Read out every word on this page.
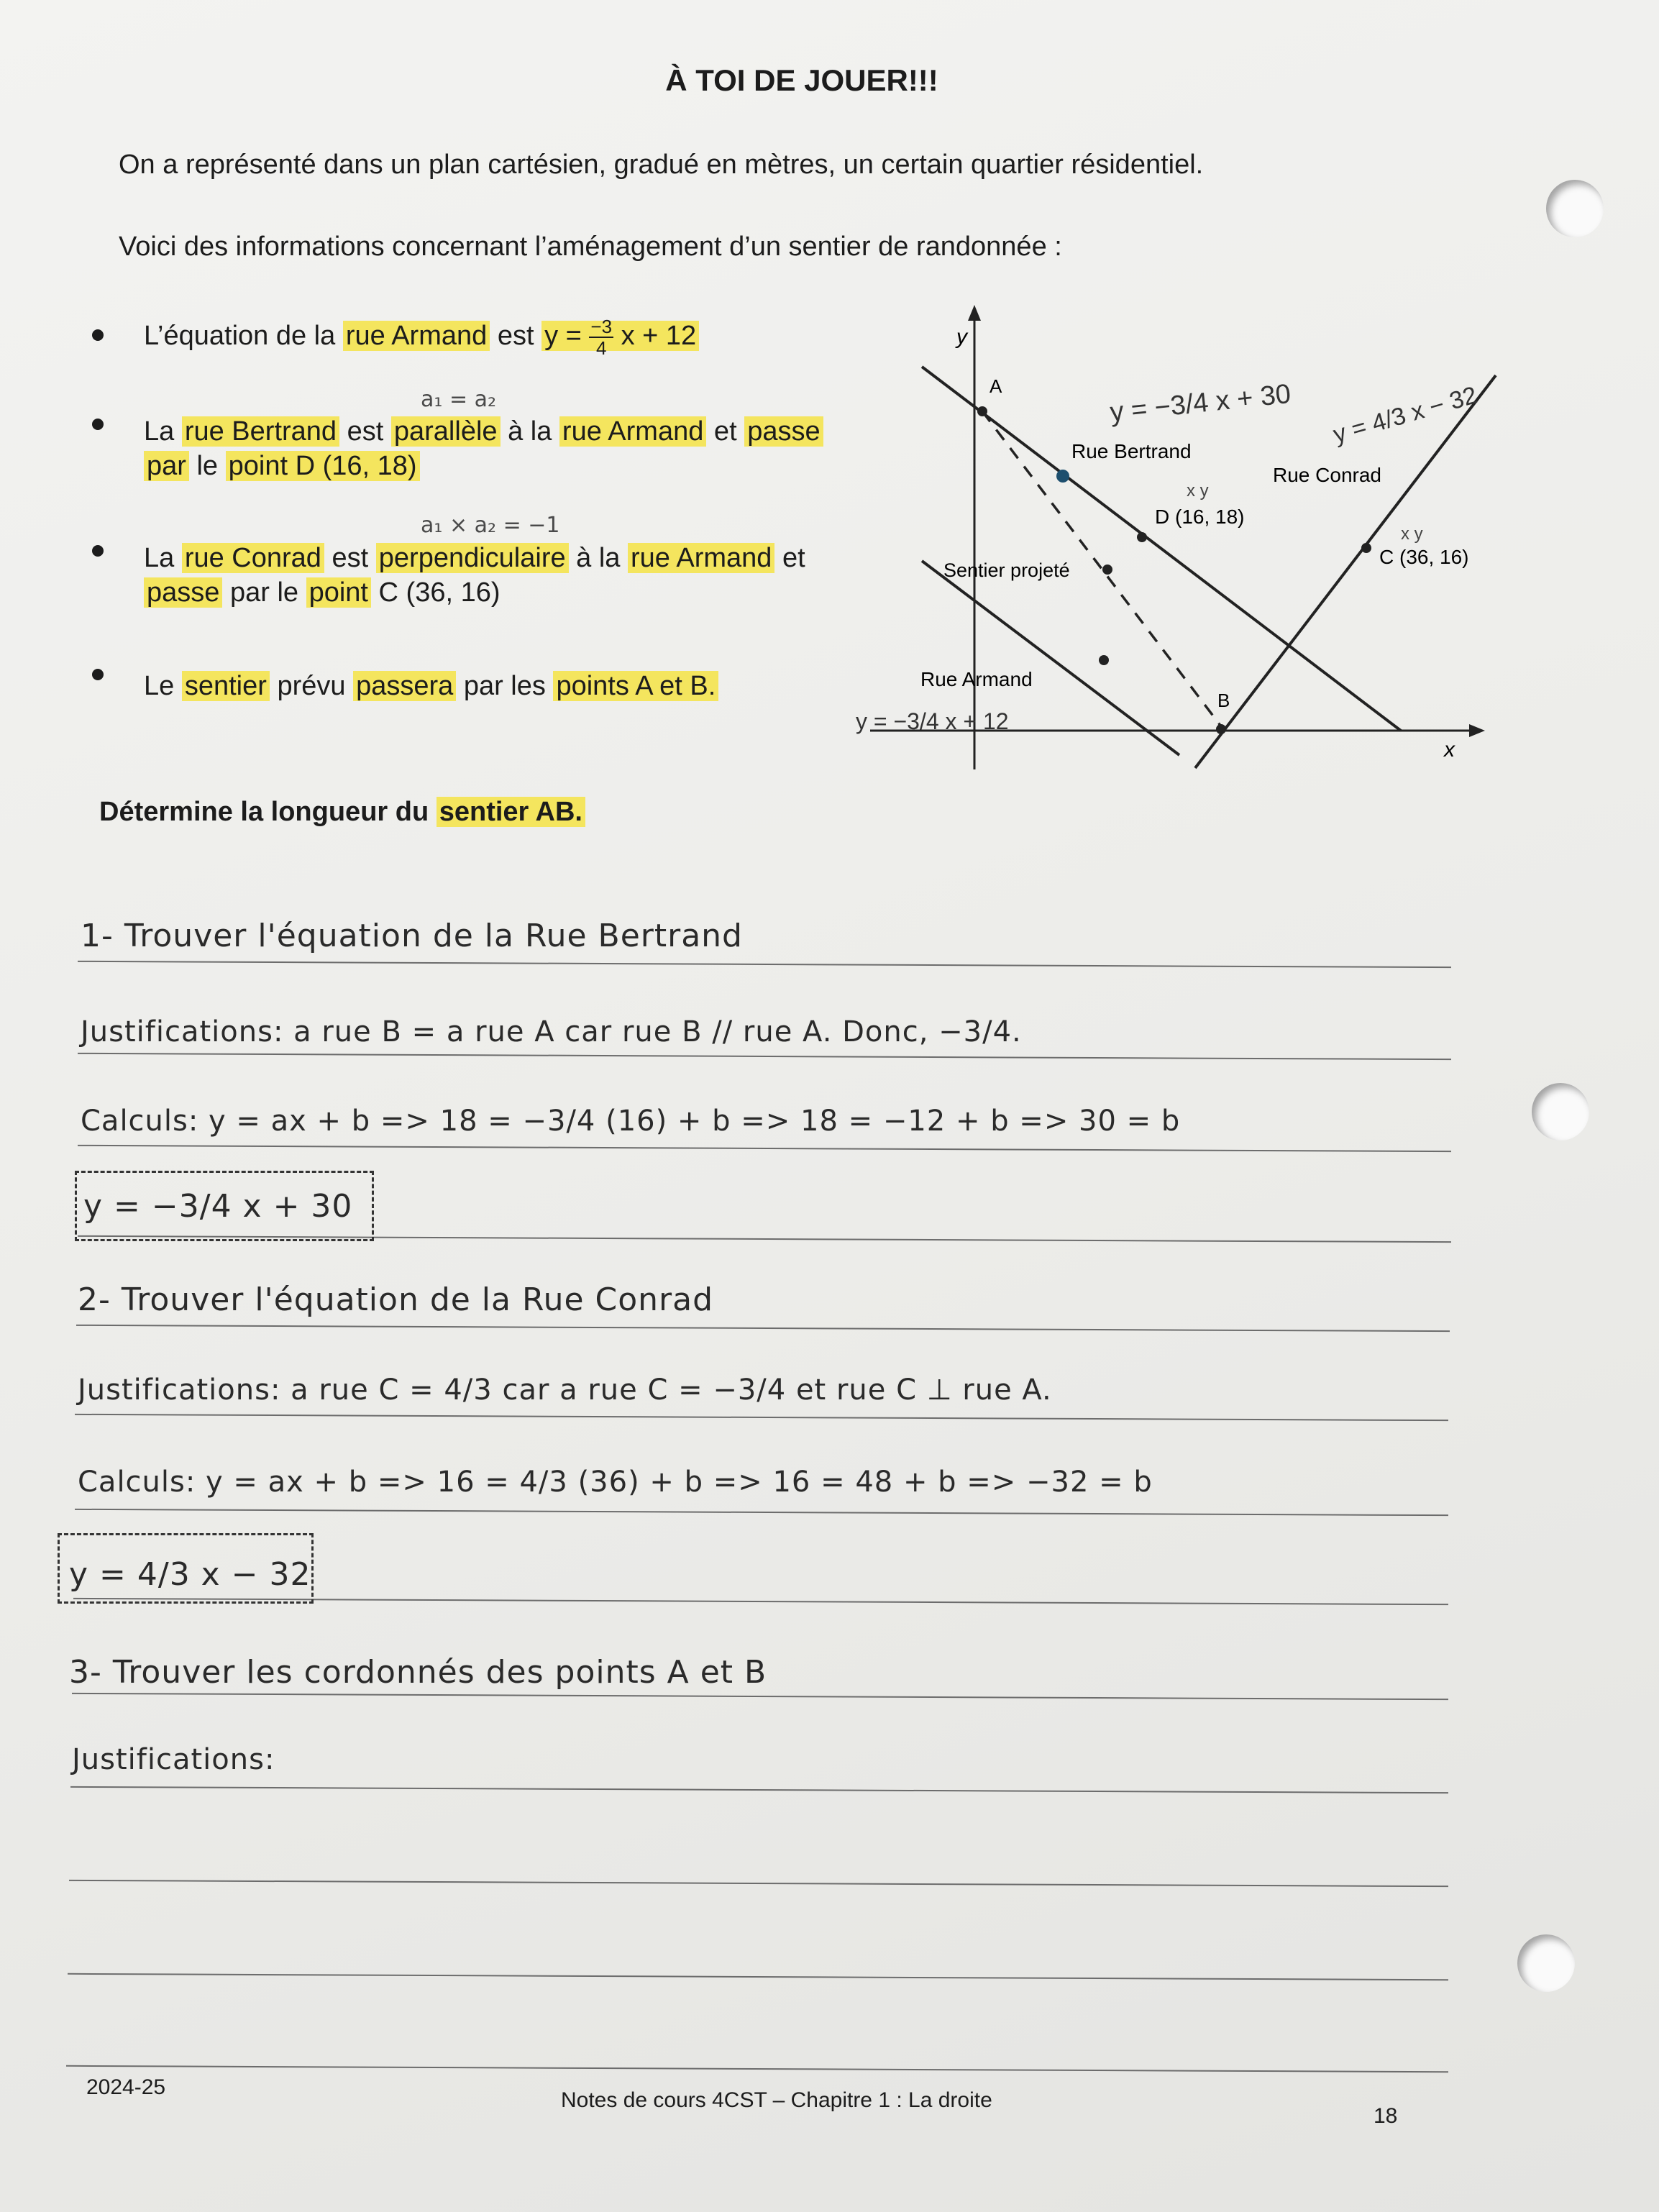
À TOI DE JOUER!!!
On a représenté dans un plan cartésien, gradué en mètres, un certain quartier résidentiel.
Voici des informations concernant l’aménagement d’un sentier de randonnée :
L’équation de la rue Armand est $y = \frac{-3}{4}$ x + 12
a₁ = a₂
La rue Bertrand est parallèle à la rue Armand et passe
par le point D (16, 18)
a₁ × a₂ = −1
La rue Conrad est perpendiculaire à la rue Armand et
passe par le point C (36, 16)
Le sentier prévu passera par les points A et B.
y
x
A
B
Rue Bertrand
Rue Conrad
Rue Armand
Sentier projeté
D (16, 18)
C (36, 16)
y = −3/4 x + 30 y = 4/3 x − 32
y = −3/4 x + 12
x y
x y
Détermine la longueur du sentier AB.
1- Trouver l'équation de la Rue Bertrand
Justifications: a rue B = a rue A car rue B // rue A. Donc, −3/4.
Calculs: y = ax + b => 18 = −3/4 (16) + b => 18 = −12 + b => 30 = b
y = −3/4 x + 30
2- Trouver l'équation de la Rue Conrad
Justifications: a rue C = 4/3 car a rue C = −3/4 et rue C ⊥ rue A.
Calculs: y = ax + b => 16 = 4/3 (36) + b => 16 = 48 + b => −32 = b
y = 4/3 x − 32
3- Trouver les cordonnés des points A et B
Justifications:
2024-25
Notes de cours 4CST – Chapitre 1 : La droite
18
